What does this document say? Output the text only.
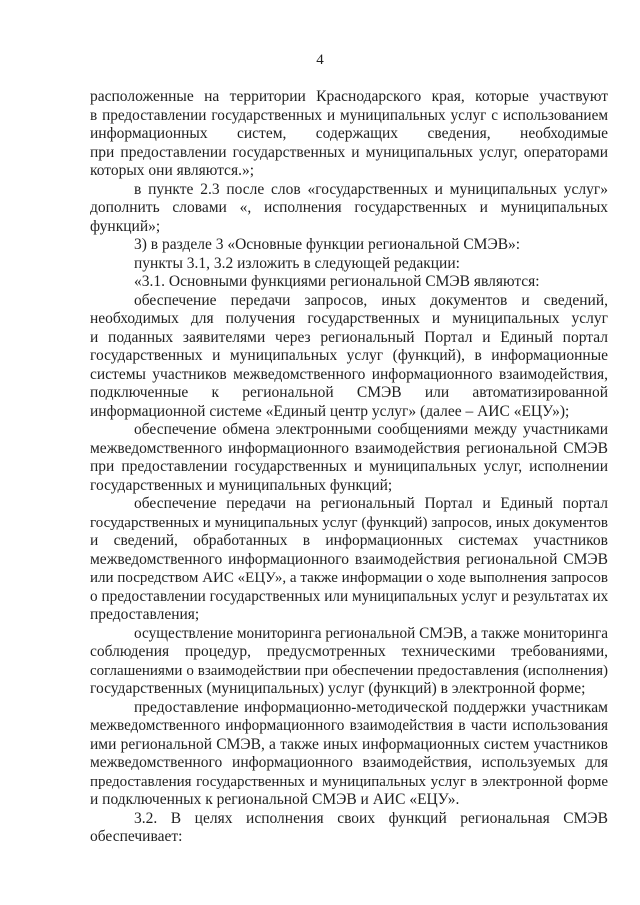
4
расположенные на территории Краснодарского края, которые участвуют
в предоставлении государственных и муниципальных услуг с использованием
информационных систем, содержащих сведения, необходимые
при предоставлении государственных и муниципальных услуг, операторами
которых они являются.»;
в пункте 2.3 после слов «государственных и муниципальных услуг»
дополнить словами «, исполнения государственных и муниципальных
функций»;
3) в разделе 3 «Основные функции региональной СМЭВ»:
пункты 3.1, 3.2 изложить в следующей редакции:
«3.1. Основными функциями региональной СМЭВ являются:
обеспечение передачи запросов, иных документов и сведений,
необходимых для получения государственных и муниципальных услуг
и поданных заявителями через региональный Портал и Единый портал
государственных и муниципальных услуг (функций), в информационные
системы участников межведомственного информационного взаимодействия,
подключенные к региональной СМЭВ или автоматизированной
информационной системе «Единый центр услуг» (далее – АИС «ЕЦУ»);
обеспечение обмена электронными сообщениями между участниками
межведомственного информационного взаимодействия региональной СМЭВ
при предоставлении государственных и муниципальных услуг, исполнении
государственных и муниципальных функций;
обеспечение передачи на региональный Портал и Единый портал
государственных и муниципальных услуг (функций) запросов, иных документов
и сведений, обработанных в информационных системах участников
межведомственного информационного взаимодействия региональной СМЭВ
или посредством АИС «ЕЦУ», а также информации о ходе выполнения запросов
о предоставлении государственных или муниципальных услуг и результатах их
предоставления;
осуществление мониторинга региональной СМЭВ, а также мониторинга
соблюдения процедур, предусмотренных техническими требованиями,
соглашениями о взаимодействии при обеспечении предоставления (исполнения)
государственных (муниципальных) услуг (функций) в электронной форме;
предоставление информационно-методической поддержки участникам
межведомственного информационного взаимодействия в части использования
ими региональной СМЭВ, а также иных информационных систем участников
межведомственного информационного взаимодействия, используемых для
предоставления государственных и муниципальных услуг в электронной форме
и подключенных к региональной СМЭВ и АИС «ЕЦУ».
3.2. В целях исполнения своих функций региональная СМЭВ
обеспечивает:
